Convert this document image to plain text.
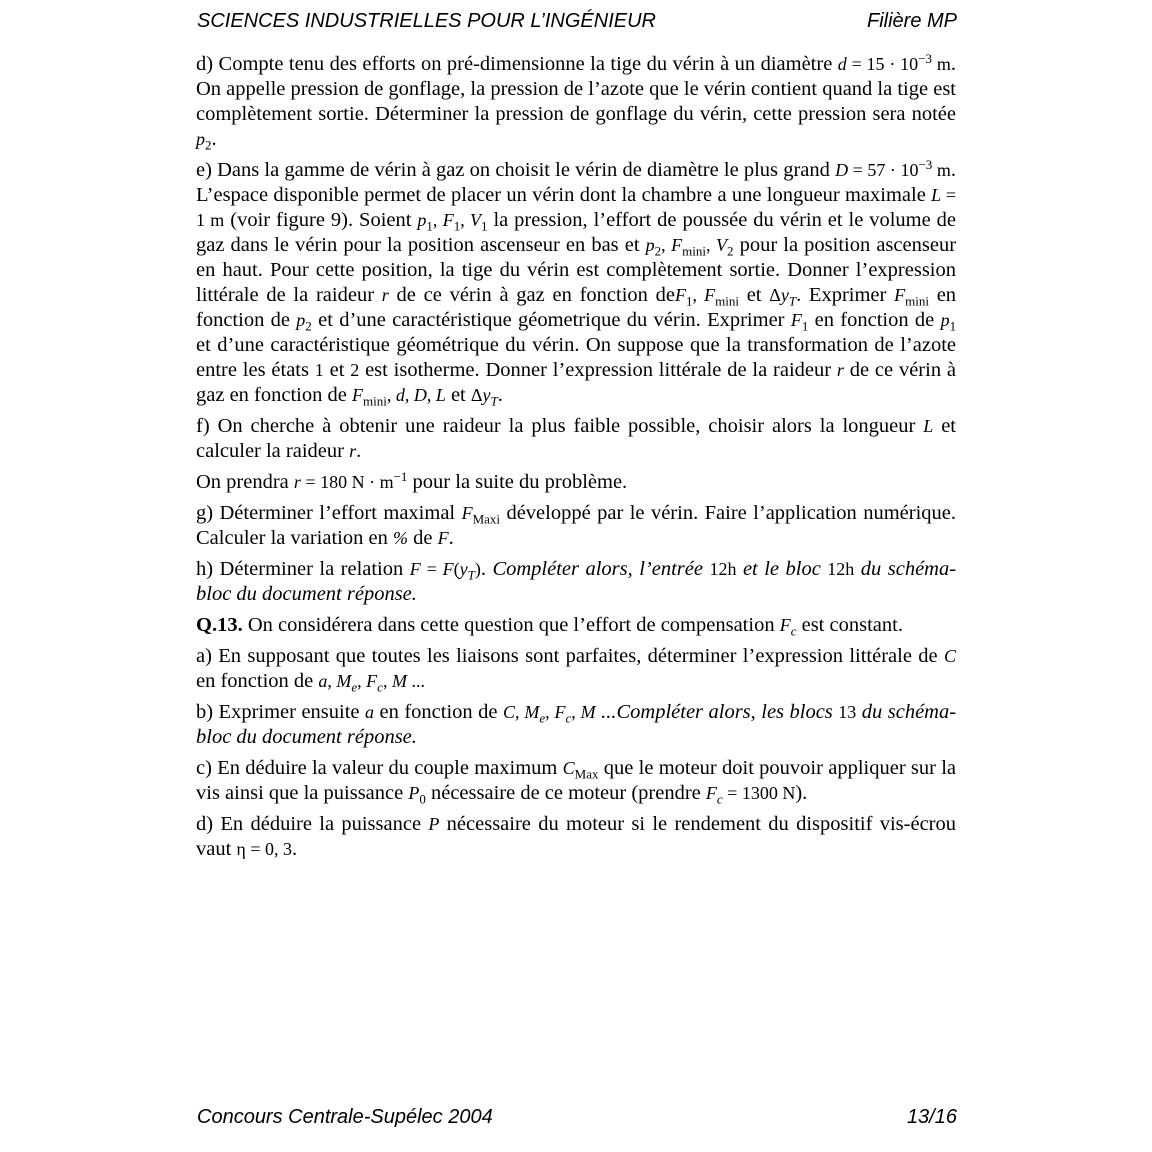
SCIENCES INDUSTRIELLES POUR L’INGÉNIEUR	Filière MP

d) Compte tenu des efforts on pré-dimensionne la tige du vérin à un diamètre $d = 15 \cdot 10^{-3}$ m. On appelle pression de gonflage, la pression de l’azote que le vérin contient quand la tige est complètement sortie. Déterminer la pression de gonflage du vérin, cette pression sera notée $p_2$.

e) Dans la gamme de vérin à gaz on choisit le vérin de diamètre le plus grand $D = 57 \cdot 10^{-3}$ m. L’espace disponible permet de placer un vérin dont la chambre a une longueur maximale L = 1 m (voir figure 9). Soient $p_1$, $F_1$, $V_1$ la pression, l’effort de poussée du vérin et le volume de gaz dans le vérin pour la position ascenseur en bas et $p_2$, $F_{mini}$, $V_2$ pour la position ascenseur en haut. Pour cette position, la tige du vérin est complètement sortie. Donner l’expression littérale de la raideur r de ce vérin à gaz en fonction deF$_1$, $F_{mini}$ et $\Delta y_T$. Exprimer $F_{mini}$ en fonction de $p_2$ et d’une caractéristique géometrique du vérin. Exprimer $F_1$ en fonction de $p_1$ et d’une caractéristique géométrique du vérin. On suppose que la transformation de l’azote entre les états 1 et 2 est isotherme. Donner l’expression littérale de la raideur r de ce vérin à gaz en fonction de $F_{mini}$, d, D, L et $\Delta y_T$.

f) On cherche à obtenir une raideur la plus faible possible, choisir alors la longueur L et calculer la raideur r.

On prendra r = 180 $N \cdot m^{-1}$ pour la suite du problème.

g) Déterminer l’effort maximal $F_{Maxi}$ développé par le vérin. Faire l’application numérique. Calculer la variation en % de F.

h) Déterminer la relation $F = F(y_T)$. Compléter alors, l’entrée 12h et le bloc 12h du schéma-bloc du document réponse.

Q.13. On considérera dans cette question que l’effort de compensation $F_c$ est constant.

a) En supposant que toutes les liaisons sont parfaites, déterminer l’expression littérale de C en fonction de a, $M_e$, $F_c$, M ...

b) Exprimer ensuite a en fonction de C, $M_e$, $F_c$, M ...Compléter alors, les blocs 13 du schéma-bloc du document réponse.

c) En déduire la valeur du couple maximum $C_{Max}$ que le moteur doit pouvoir appliquer sur la vis ainsi que la puissance $P_0$ nécessaire de ce moteur (prendre $F_c = 1300$ N).

d) En déduire la puissance P nécessaire du moteur si le rendement du dispositif vis-écrou vaut η = 0, 3.

Concours Centrale-Supélec 2004	13/16
